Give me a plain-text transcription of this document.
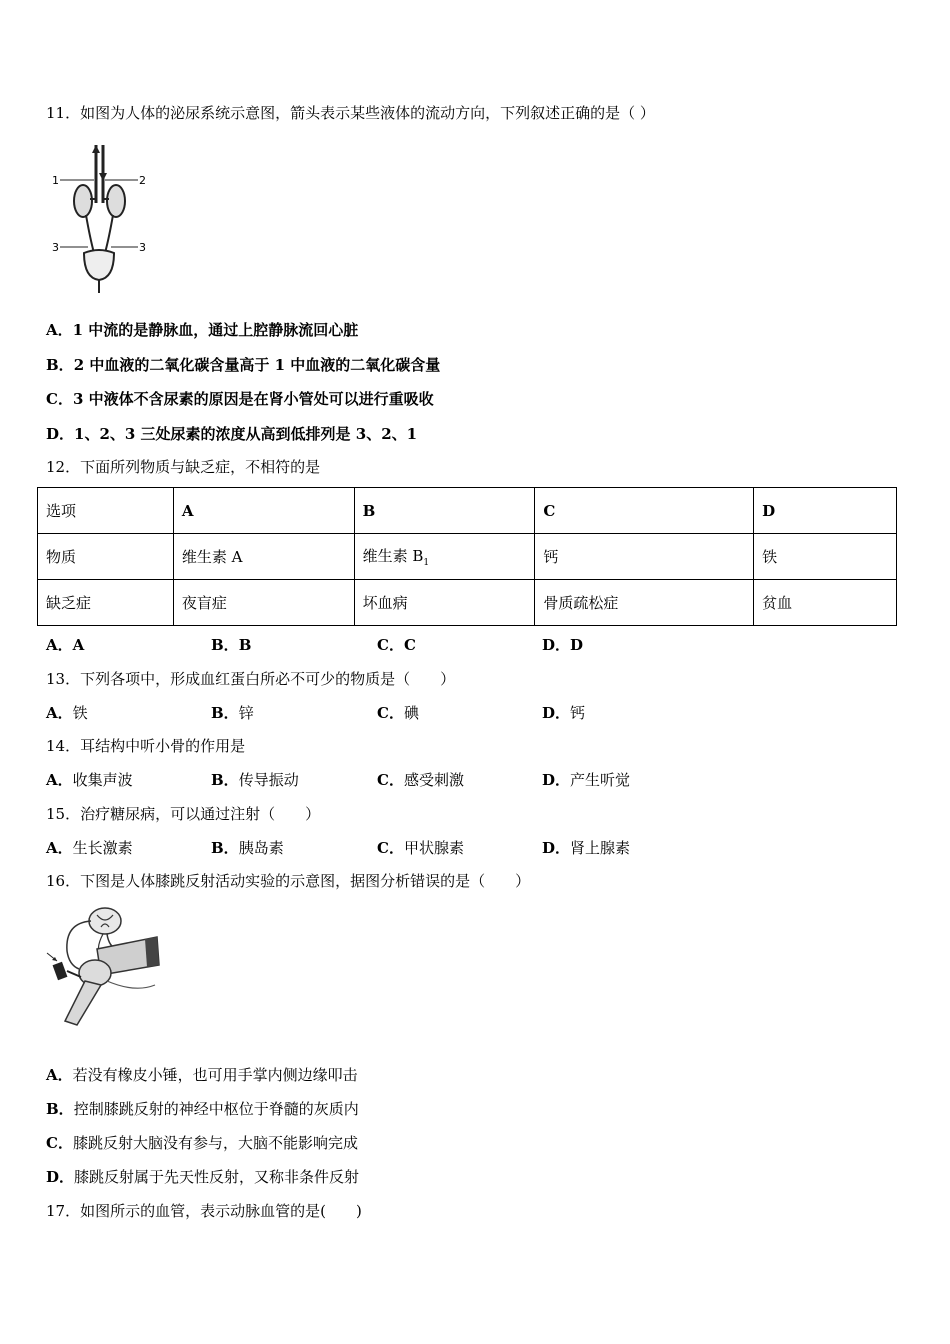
11．如图为人体的泌尿系统示意图，箭头表示某些液体的流动方向，下列叙述正确的是（ ）
1	2
3	3
A．1 中流的是静脉血，通过上腔静脉流回心脏
B．2 中血液的二氧化碳含量高于 1 中血液的二氧化碳含量
C．3 中液体不含尿素的原因是在肾小管处可以进行重吸收
D．1、2、3 三处尿素的浓度从高到低排列是 3、2、1
12．下面所列物质与缺乏症，不相符的是
选项	A	B	C	D
物质	维生素 A	维生素 $B_1$	钙	铁
缺乏症	夜盲症	坏血病	骨质疏松症	贫血
A．A	B．B	C．C	D．D
13．下列各项中，形成血红蛋白所必不可少的物质是（　　）
A．铁	B．锌	C．碘	D．钙
14．耳结构中听小骨的作用是
A．收集声波	B．传导振动	C．感受刺激	D．产生听觉
15．治疗糖尿病，可以通过注射（　　）
A．生长激素	B．胰岛素	C．甲状腺素	D．肾上腺素
16．下图是人体膝跳反射活动实验的示意图，据图分析错误的是（　　）
A．若没有橡皮小锤，也可用手掌内侧边缘叩击
B．控制膝跳反射的神经中枢位于脊髓的灰质内
C．膝跳反射大脑没有参与，大脑不能影响完成
D．膝跳反射属于先天性反射，又称非条件反射
17．如图所示的血管，表示动脉血管的是(　　)
